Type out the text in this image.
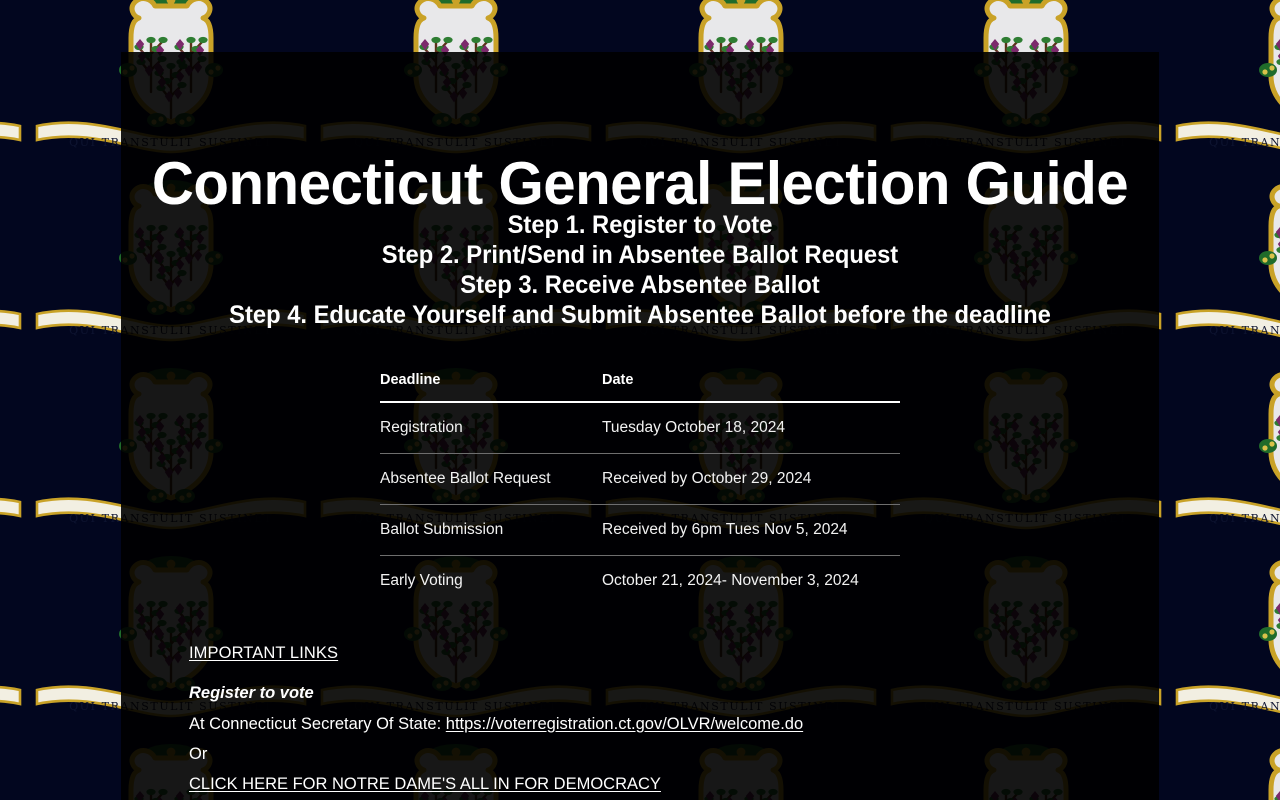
Connecticut General Election Guide
Step 1. Register to Vote
Step 2. Print/Send in Absentee Ballot Request
Step 3. Receive Absentee Ballot
Step 4. Educate Yourself and Submit Absentee Ballot before the deadline
Deadline	Date
Registration	Tuesday October 18, 2024
Absentee Ballot Request	Received by October 29, 2024
Ballot Submission	Received by 6pm Tues Nov 5, 2024
Early Voting	October 21, 2024- November 3, 2024
IMPORTANT LINKS
Register to vote
At Connecticut Secretary Of State: https://voterregistration.ct.gov/OLVR/welcome.do
Or
CLICK HERE FOR NOTRE DAME'S ALL IN FOR DEMOCRACY
